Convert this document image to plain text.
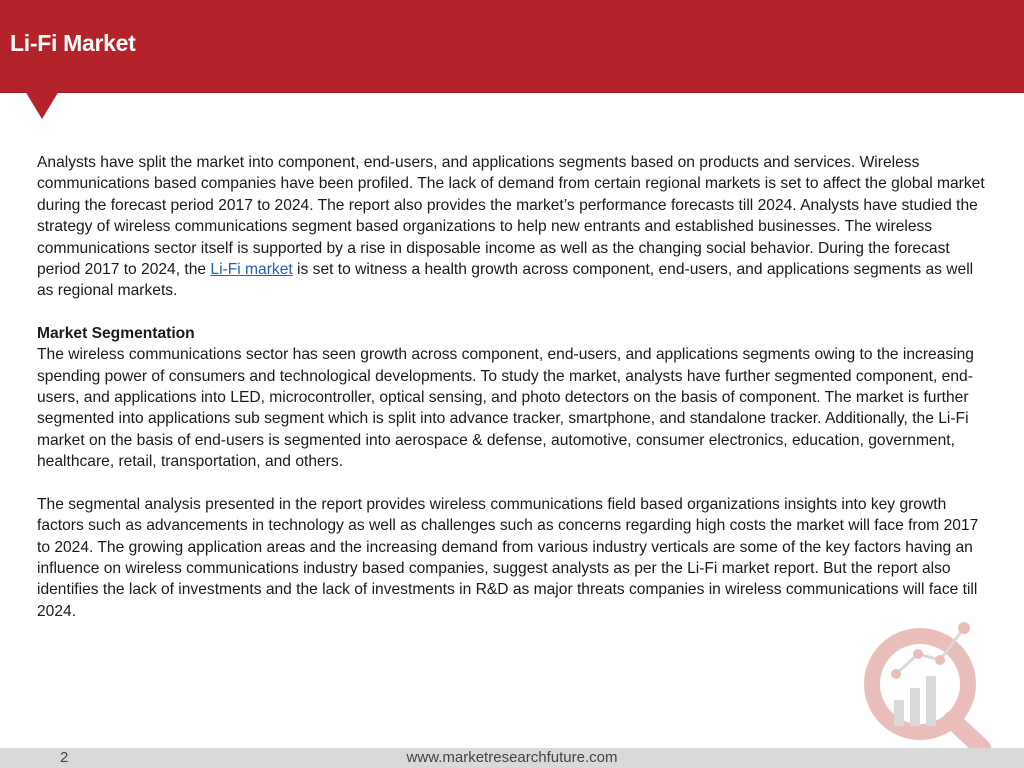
Li-Fi Market

Analysts have split the market into component, end-users, and applications segments based on products and services. Wireless communications based companies have been profiled. The lack of demand from certain regional markets is set to affect the global market during the forecast period 2017 to 2024. The report also provides the market’s performance forecasts till 2024. Analysts have studied the strategy of wireless communications segment based organizations to help new entrants and established businesses. The wireless communications sector itself is supported by a rise in disposable income as well as the changing social behavior. During the forecast period 2017 to 2024, the Li-Fi market is set to witness a health growth across component, end-users, and applications segments as well as regional markets.

Market Segmentation
The wireless communications sector has seen growth across component, end-users, and applications segments owing to the increasing spending power of consumers and technological developments. To study the market, analysts have further segmented component, end-users, and applications into LED, microcontroller, optical sensing, and photo detectors on the basis of component. The market is further segmented into applications sub segment which is split into advance tracker, smartphone, and standalone tracker. Additionally, the Li-Fi market on the basis of end-users is segmented into aerospace & defense, automotive, consumer electronics, education, government, healthcare, retail, transportation, and others.

The segmental analysis presented in the report provides wireless communications field based organizations insights into key growth factors such as advancements in technology as well as challenges such as concerns regarding high costs the market will face from 2017 to 2024. The growing application areas and the increasing demand from various industry verticals are some of the key factors having an influence on wireless communications industry based companies, suggest analysts as per the Li-Fi market report. But the report also identifies the lack of investments and the lack of investments in R&D as major threats companies in wireless communications will face till 2024.

2	www.marketresearchfuture.com
